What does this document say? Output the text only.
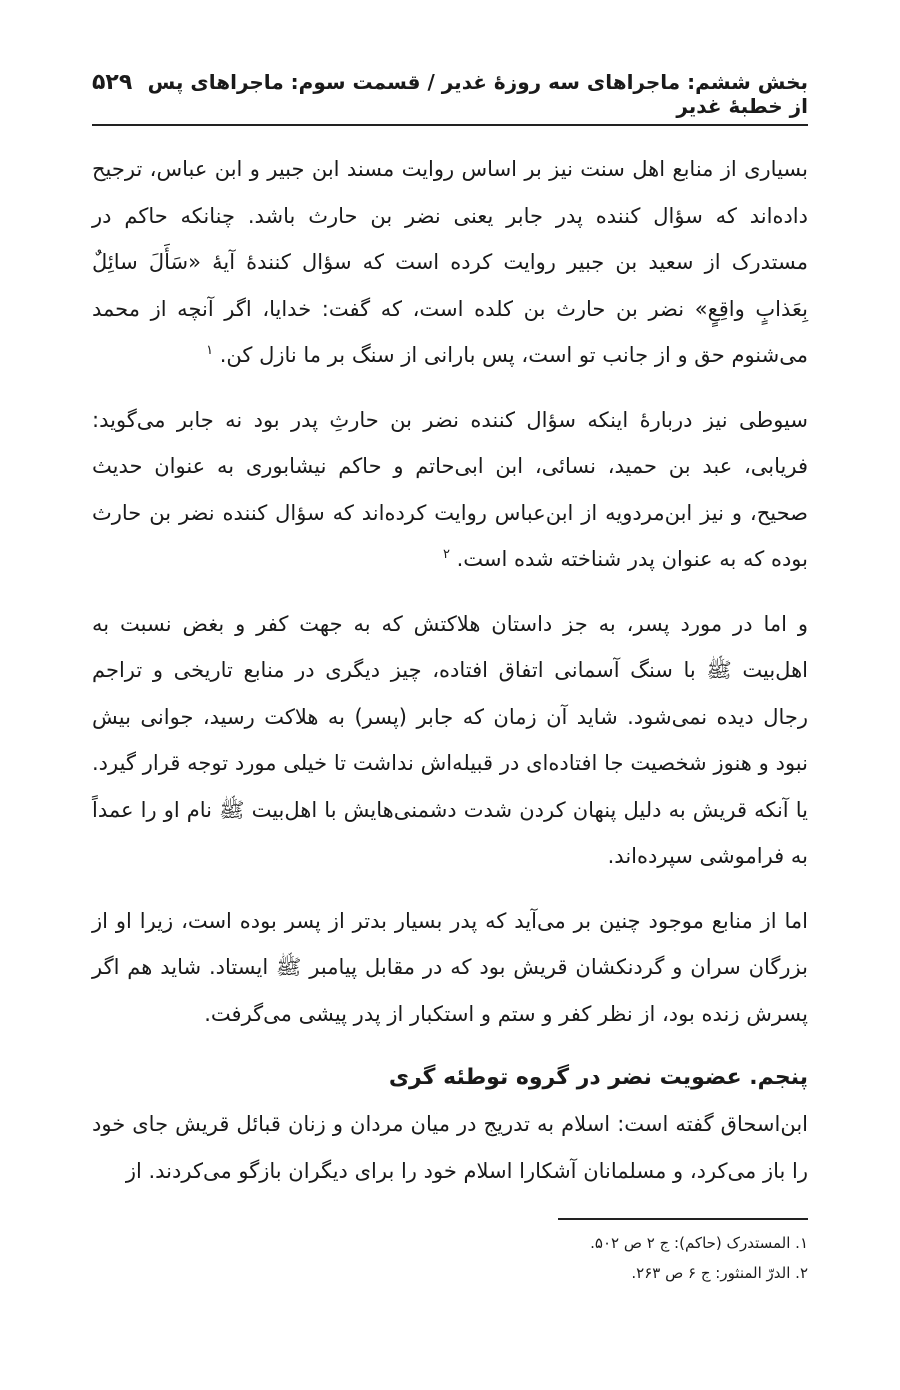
بخش ششم: ماجراهای سه روزهٔ غدیر / قسمت سوم: ماجراهای پس از خطبهٔ غدیر
۵۲۹

بسیاری از منابع اهل سنت نیز بر اساس روایت مسند ابن جبیر و ابن عباس، ترجیح داده‌اند که سؤال کننده پدر جابر یعنی نضر بن حارث باشد. چنانکه حاکم در مستدرک از سعید بن جبیر روایت کرده است که سؤال کنندهٔ آیهٔ «سَأَلَ سائِلٌ بِعَذابٍ واقِعٍ» نضر بن حارث بن کلده است، که گفت: خدایا، اگر آنچه از محمد می‌شنوم حق و از جانب تو است، پس بارانی از سنگ بر ما نازل کن. $^۱$

سیوطی نیز دربارهٔ اینکه سؤال کننده نضر بن حارثِ پدر بود نه جابر می‌گوید: فریابی، عبد بن حمید، نسائی، ابن ابی‌حاتم و حاکم نیشابوری به عنوان حدیث صحیح، و نیز ابن‌مردویه از ابن‌عباس روایت کرده‌اند که سؤال کننده نضر بن حارث بوده که به عنوان پدر شناخته شده است. $^۲$

و اما در مورد پسر، به جز داستان هلاکتش که به جهت کفر و بغض نسبت به اهل‌بیت ﷺ با سنگ آسمانی اتفاق افتاده، چیز دیگری در منابع تاریخی و تراجم رجال دیده نمی‌شود. شاید آن زمان که جابر (پسر) به هلاکت رسید، جوانی بیش نبود و هنوز شخصیت جا افتاده‌ای در قبیله‌اش نداشت تا خیلی مورد توجه قرار گیرد. یا آنکه قریش به دلیل پنهان کردن شدت دشمنی‌هایش با اهل‌بیت ﷺ نام او را عمداً به فراموشی سپرده‌اند.

اما از منابع موجود چنین بر می‌آید که پدر بسیار بدتر از پسر بوده است، زیرا او از بزرگان سران و گردنکشان قریش بود که در مقابل پیامبر ﷺ ایستاد. شاید هم اگر پسرش زنده بود، از نظر کفر و ستم و استکبار از پدر پیشی می‌گرفت.

پنجم. عضویت نضر در گروه توطئه گری

ابن‌اسحاق گفته است: اسلام به تدریج در میان مردان و زنان قبائل قریش جای خود را باز می‌کرد، و مسلمانان آشکارا اسلام خود را برای دیگران بازگو می‌کردند. از

۱. المستدرک (حاکم): ج ۲ ص ۵۰۲.

۲. الدرّ المنثور: ج ۶ ص ۲۶۳.
